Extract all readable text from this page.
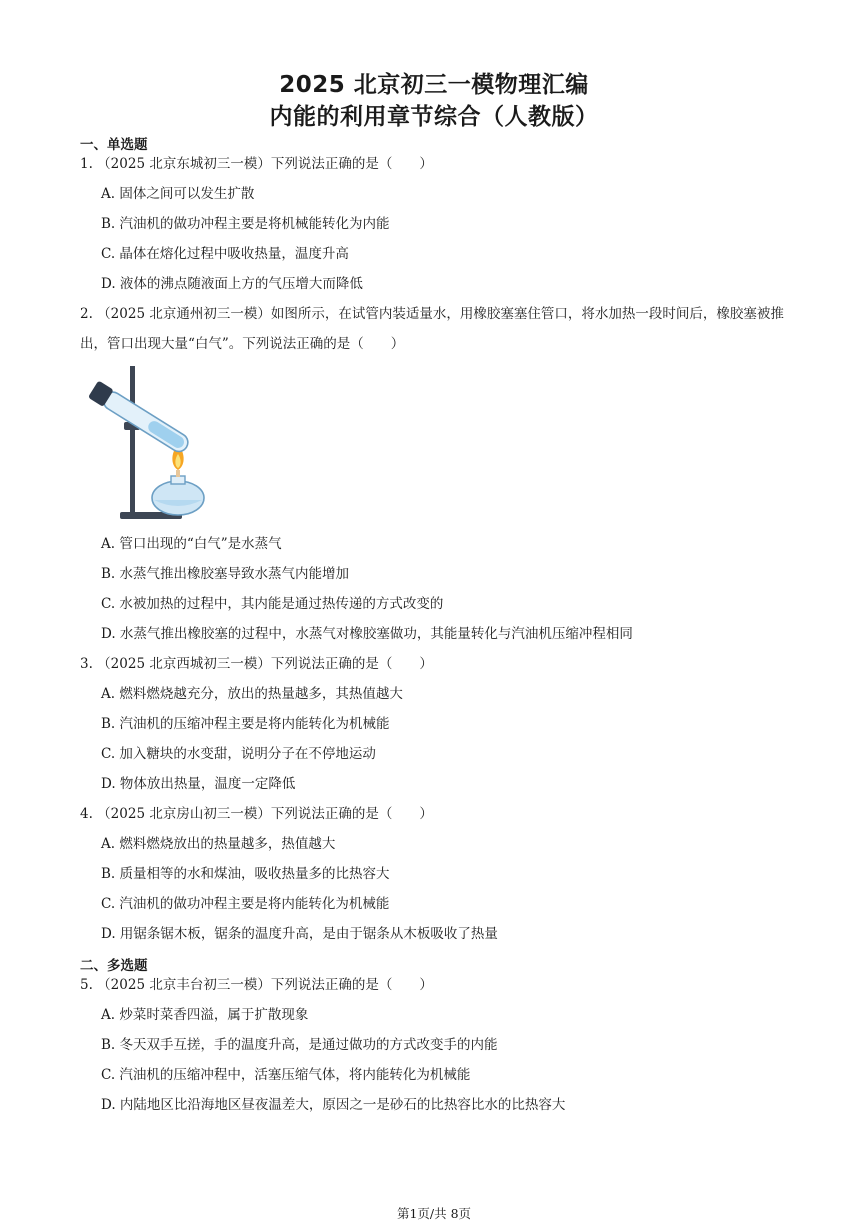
2025 北京初三一模物理汇编
内能的利用章节综合（人教版）
一、单选题
1. （2025 北京东城初三一模）下列说法正确的是（　　）
A. 固体之间可以发生扩散
B. 汽油机的做功冲程主要是将机械能转化为内能
C. 晶体在熔化过程中吸收热量，温度升高
D. 液体的沸点随液面上方的气压增大而降低
2. （2025 北京通州初三一模）如图所示，在试管内装适量水，用橡胶塞塞住管口，将水加热一段时间后，橡胶塞被推出，管口出现大量“白气”。下列说法正确的是（　　）
A. 管口出现的“白气”是水蒸气
B. 水蒸气推出橡胶塞导致水蒸气内能增加
C. 水被加热的过程中，其内能是通过热传递的方式改变的
D. 水蒸气推出橡胶塞的过程中，水蒸气对橡胶塞做功，其能量转化与汽油机压缩冲程相同
3. （2025 北京西城初三一模）下列说法正确的是（　　）
A. 燃料燃烧越充分，放出的热量越多，其热值越大
B. 汽油机的压缩冲程主要是将内能转化为机械能
C. 加入糖块的水变甜，说明分子在不停地运动
D. 物体放出热量，温度一定降低
4. （2025 北京房山初三一模）下列说法正确的是（　　）
A. 燃料燃烧放出的热量越多，热值越大
B. 质量相等的水和煤油，吸收热量多的比热容大
C. 汽油机的做功冲程主要是将内能转化为机械能
D. 用锯条锯木板，锯条的温度升高，是由于锯条从木板吸收了热量
二、多选题
5. （2025 北京丰台初三一模）下列说法正确的是（　　）
A. 炒菜时菜香四溢，属于扩散现象
B. 冬天双手互搓，手的温度升高，是通过做功的方式改变手的内能
C. 汽油机的压缩冲程中，活塞压缩气体，将内能转化为机械能
D. 内陆地区比沿海地区昼夜温差大，原因之一是砂石的比热容比水的比热容大
第1页/共 8页
